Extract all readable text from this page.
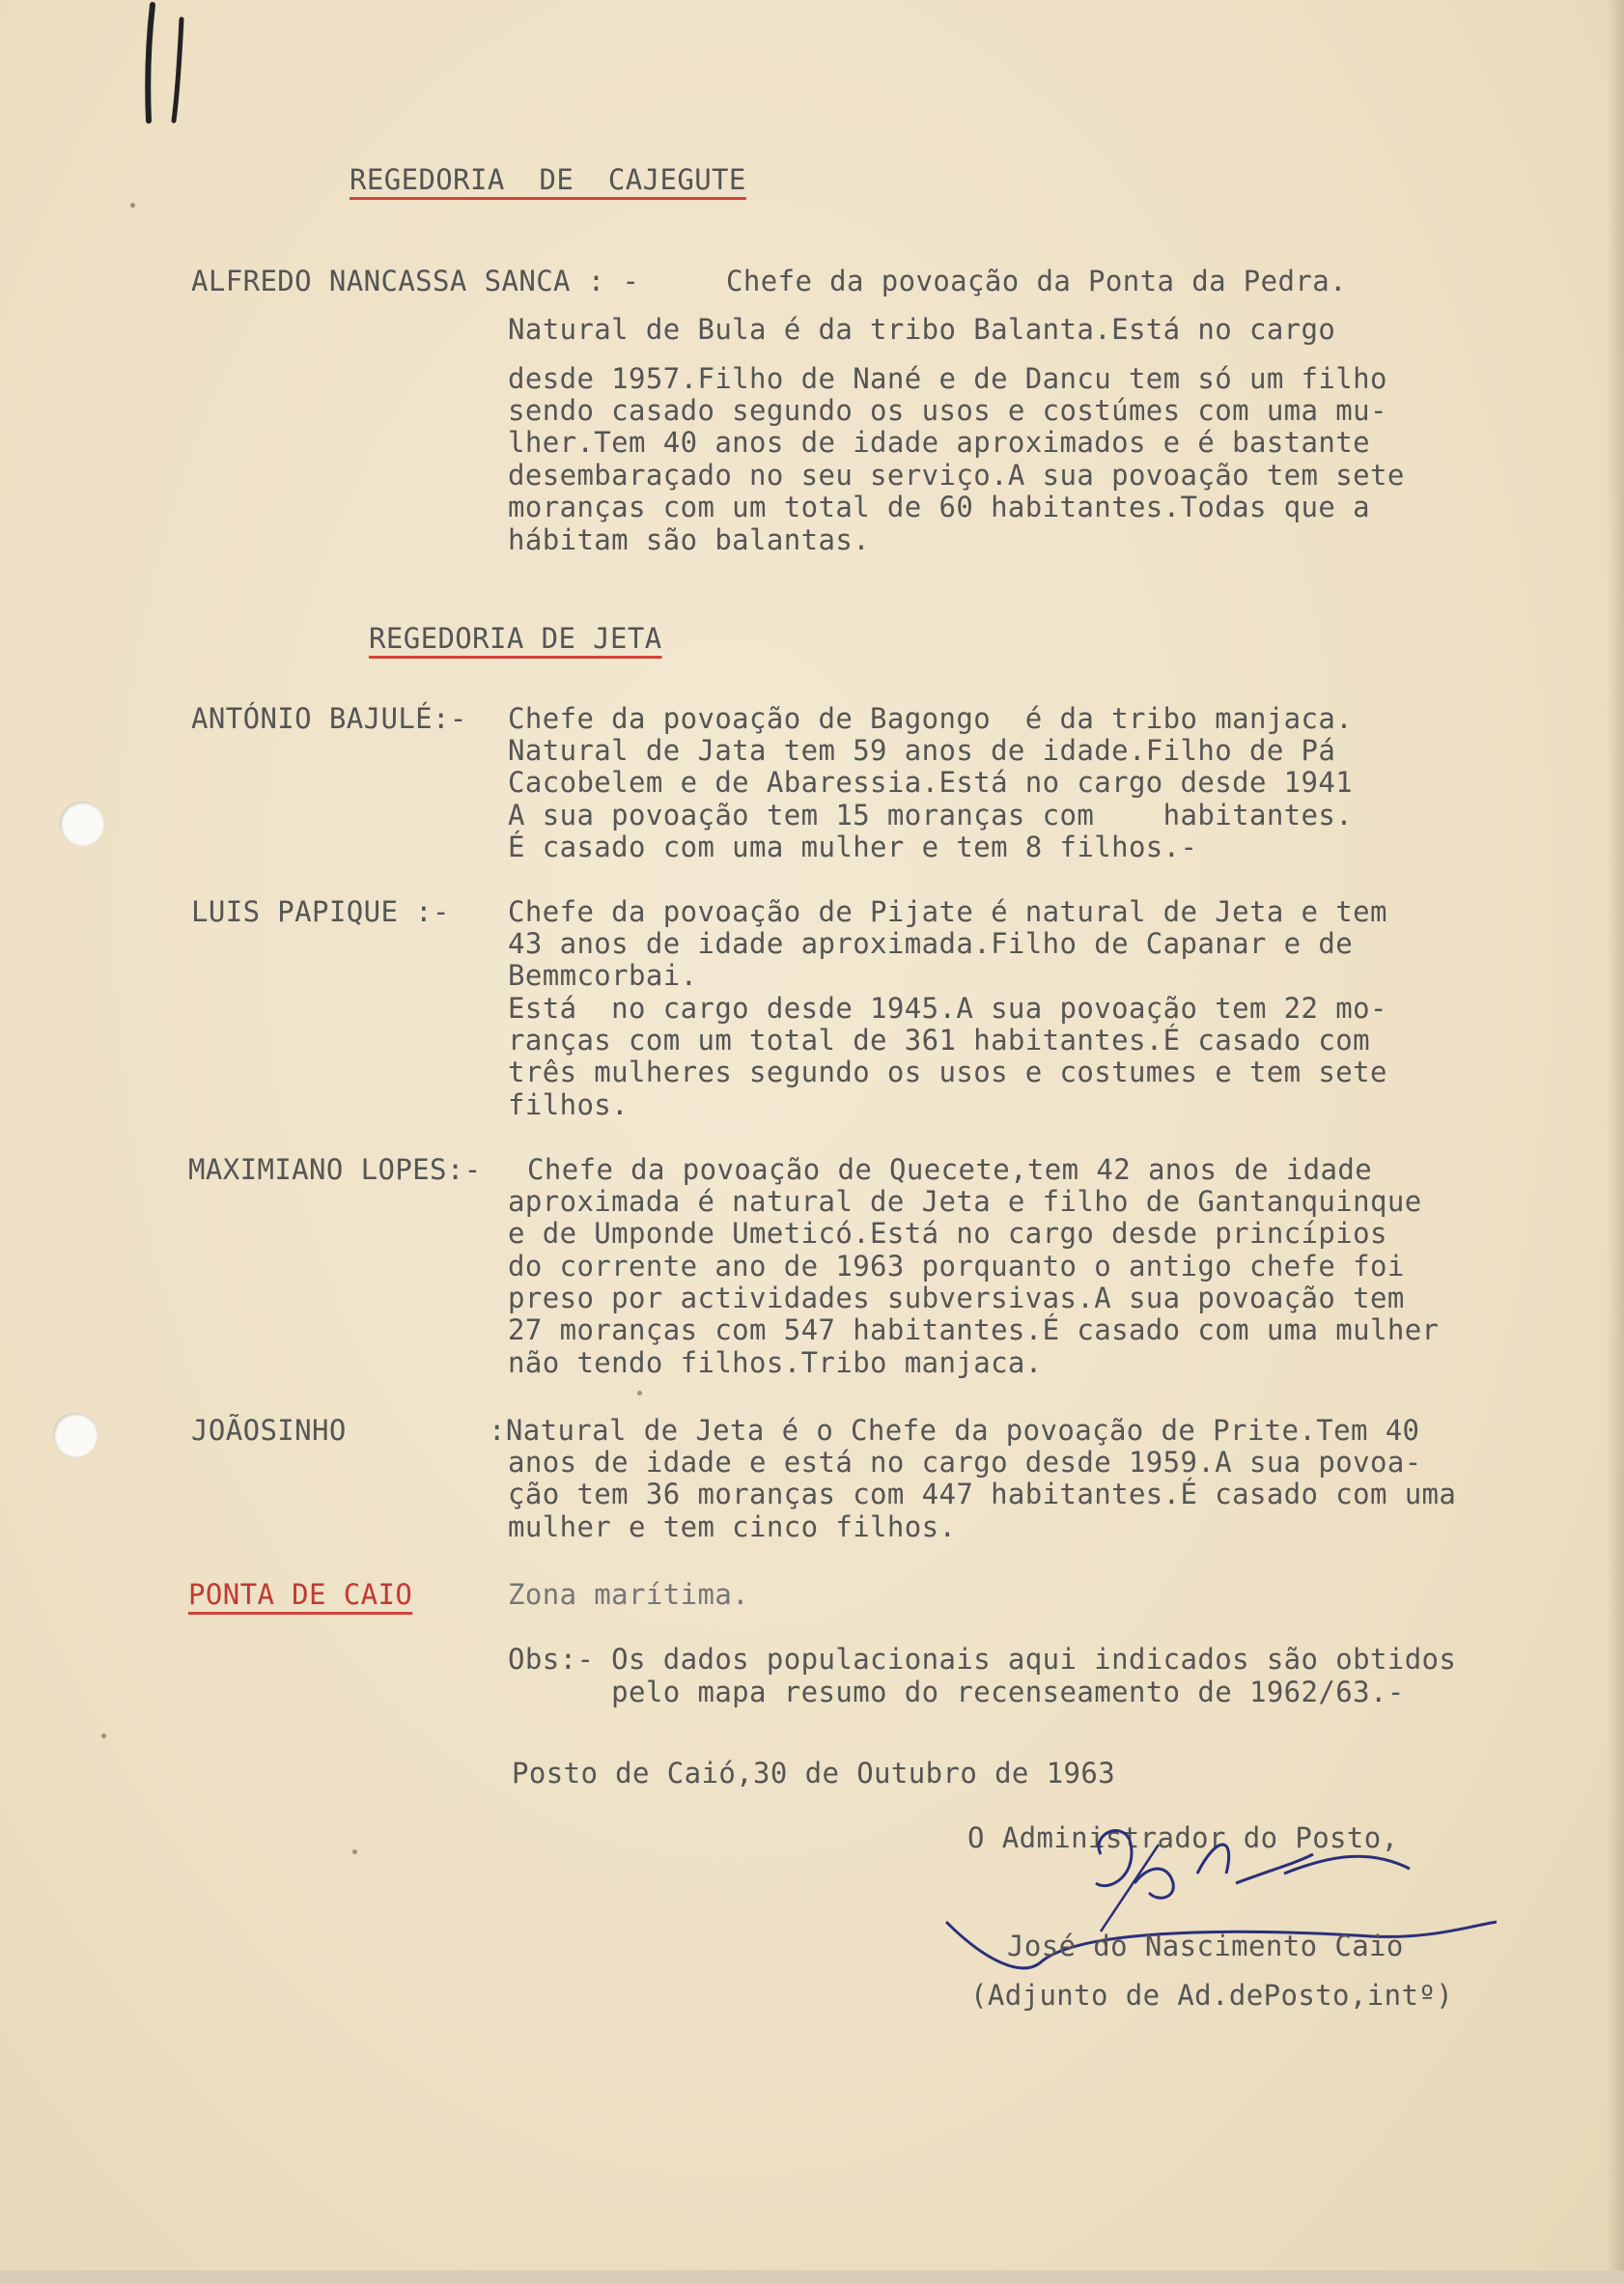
REGEDORIA  DE  CAJEGUTE
ALFREDO NANCASSA SANCA : -	Chefe da povoação da Ponta da Pedra.
Natural de Bula é da tribo Balanta.Está no cargo
desde 1957.Filho de Nané e de Dancu tem só um filho
sendo casado segundo os usos e costúmes com uma mu-
lher.Tem 40 anos de idade aproximados e é bastante
desembaraçado no seu serviço.A sua povoação tem sete
moranças com um total de 60 habitantes.Todas que a
hábitam são balantas.
REGEDORIA DE JETA
ANTÓNIO BAJULÉ:- Chefe da povoação de Bagongo  é da tribo manjaca.
Natural de Jata tem 59 anos de idade.Filho de Pá
Cacobelem e de Abaressia.Está no cargo desde 1941
A sua povoação tem 15 moranças com    habitantes.
É casado com uma mulher e tem 8 filhos.-
LUIS PAPIQUE :- Chefe da povoação de Pijate é natural de Jeta e tem
43 anos de idade aproximada.Filho de Capanar e de
Bemmcorbai.
Está  no cargo desde 1945.A sua povoação tem 22 mo-
ranças com um total de 361 habitantes.É casado com
três mulheres segundo os usos e costumes e tem sete
filhos.
MAXIMIANO LOPES:- Chefe da povoação de Quecete,tem 42 anos de idade
aproximada é natural de Jeta e filho de Gantanquinque
e de Umponde Umeticó.Está no cargo desde princípios
do corrente ano de 1963 porquanto o antigo chefe foi
preso por actividades subversivas.A sua povoação tem
27 moranças com 547 habitantes.É casado com uma mulher
não tendo filhos.Tribo manjaca.
JOÃOSINHO	:Natural de Jeta é o Chefe da povoação de Prite.Tem 40
anos de idade e está no cargo desde 1959.A sua povoa-
ção tem 36 moranças com 447 habitantes.É casado com uma
mulher e tem cinco filhos.
PONTA DE CAIO	Zona marítima.
Obs:- Os dados populacionais aqui indicados são obtidos
pelo mapa resumo do recenseamento de 1962/63.-
Posto de Caió,30 de Outubro de 1963
O Administrador do Posto,
José do Nascimento Caio
(Adjunto de Ad.dePosto,intº)
